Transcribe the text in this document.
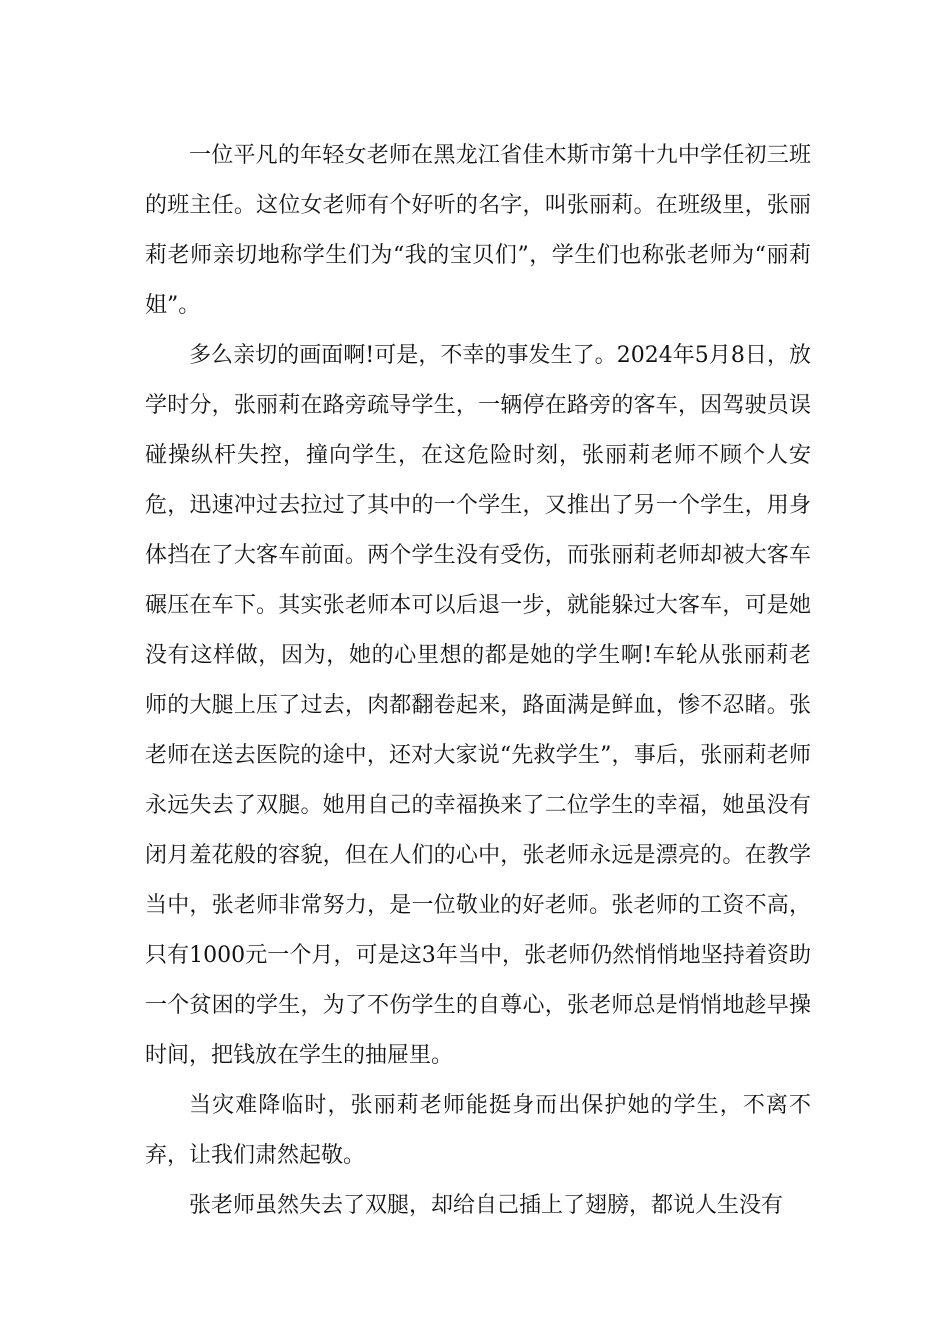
一位平凡的年轻女老师在黑龙江省佳木斯市第十九中学任初三班的班主任。这位女老师有个好听的名字，叫张丽莉。在班级里，张丽莉老师亲切地称学生们为“我的宝贝们”，学生们也称张老师为“丽莉姐”。

多么亲切的画面啊!可是，不幸的事发生了。2024年5月8日，放学时分，张丽莉在路旁疏导学生，一辆停在路旁的客车，因驾驶员误碰操纵杆失控，撞向学生，在这危险时刻，张丽莉老师不顾个人安危，迅速冲过去拉过了其中的一个学生，又推出了另一个学生，用身体挡在了大客车前面。两个学生没有受伤，而张丽莉老师却被大客车碾压在车下。其实张老师本可以后退一步，就能躲过大客车，可是她没有这样做，因为，她的心里想的都是她的学生啊!车轮从张丽莉老师的大腿上压了过去，肉都翻卷起来，路面满是鲜血，惨不忍睹。张老师在送去医院的途中，还对大家说“先救学生”，事后，张丽莉老师永远失去了双腿。她用自己的幸福换来了二位学生的幸福，她虽没有闭月羞花般的容貌，但在人们的心中，张老师永远是漂亮的。在教学当中，张老师非常努力，是一位敬业的好老师。张老师的工资不高，只有1000元一个月，可是这3年当中，张老师仍然悄悄地坚持着资助一个贫困的学生，为了不伤学生的自尊心，张老师总是悄悄地趁早操时间，把钱放在学生的抽屉里。

当灾难降临时，张丽莉老师能挺身而出保护她的学生，不离不弃，让我们肃然起敬。

张老师虽然失去了双腿，却给自己插上了翅膀，都说人生没有
